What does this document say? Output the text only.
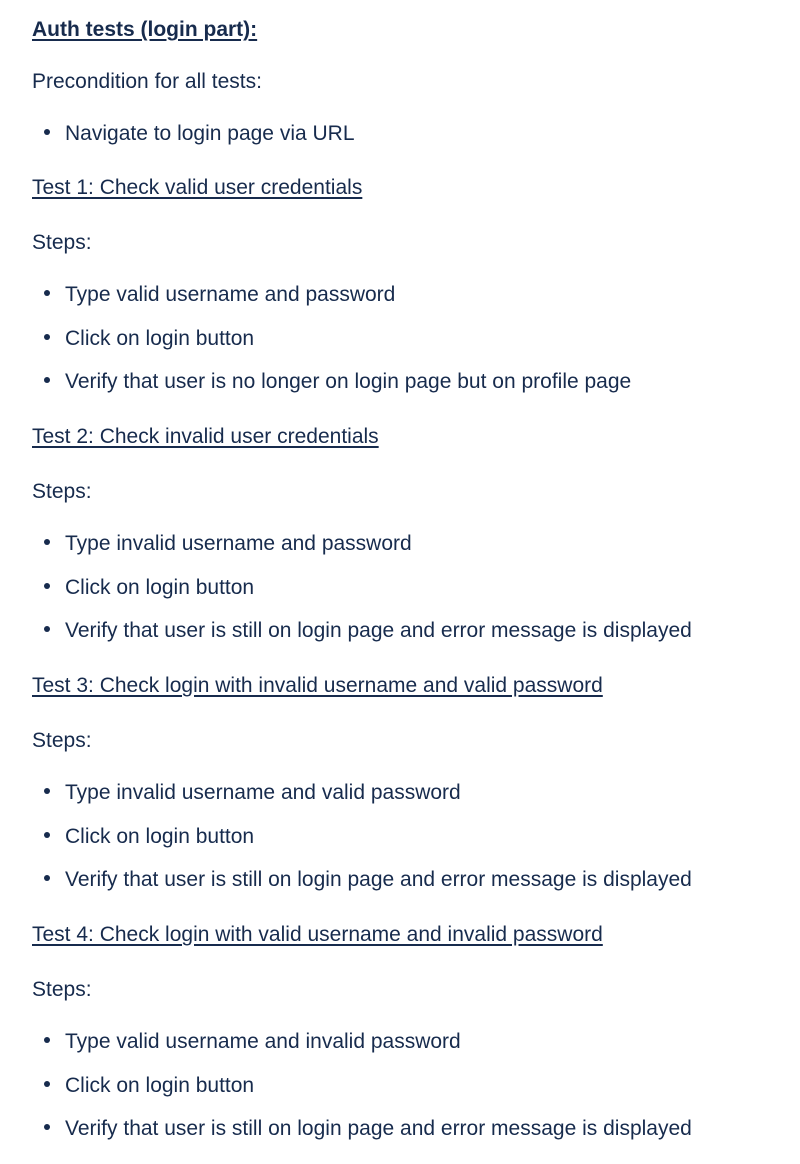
Auth tests (login part):
Precondition for all tests:
Navigate to login page via URL
Test 1: Check valid user credentials
Steps:
Type valid username and password
Click on login button
Verify that user is no longer on login page but on profile page
Test 2: Check invalid user credentials
Steps:
Type invalid username and password
Click on login button
Verify that user is still on login page and error message is displayed
Test 3: Check login with invalid username and valid password
Steps:
Type invalid username and valid password
Click on login button
Verify that user is still on login page and error message is displayed
Test 4: Check login with valid username and invalid password
Steps:
Type valid username and invalid password
Click on login button
Verify that user is still on login page and error message is displayed
